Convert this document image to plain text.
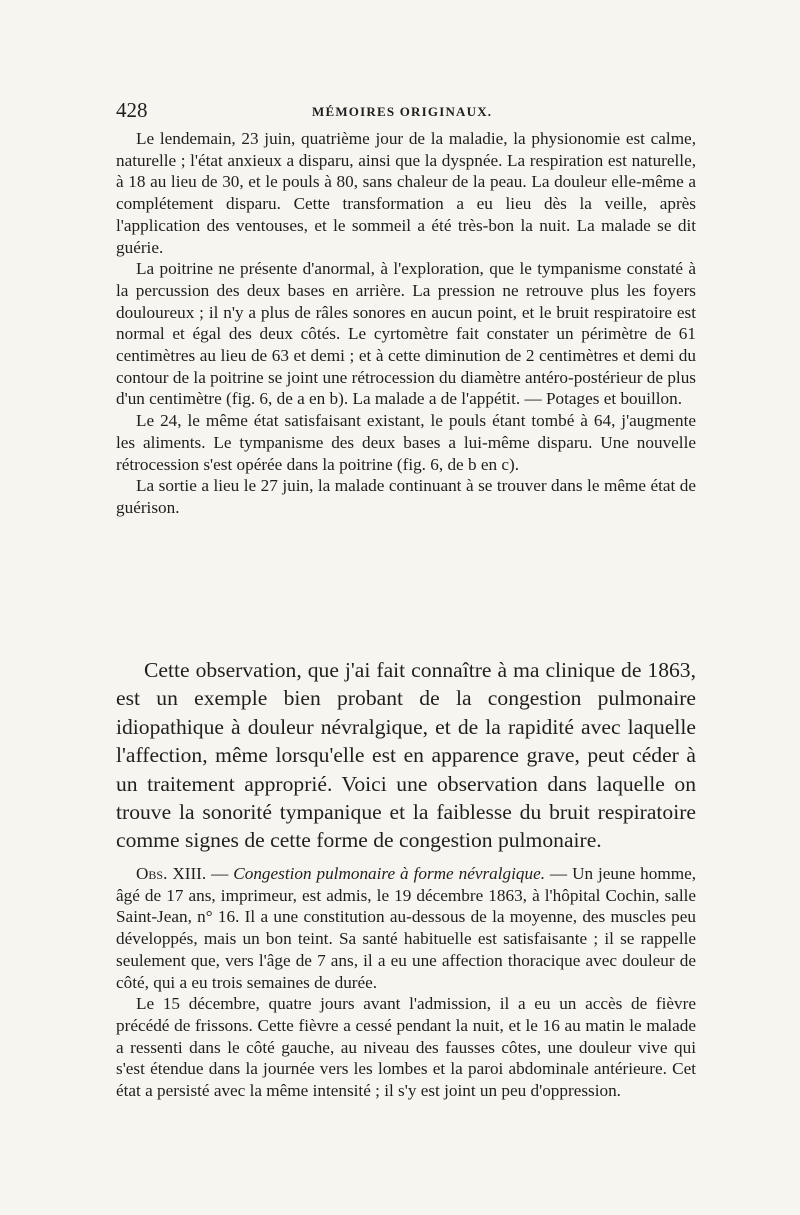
428	MÉMOIRES ORIGINAUX.

Le lendemain, 23 juin, quatrième jour de la maladie, la physionomie est calme, naturelle ; l'état anxieux a disparu, ainsi que la dyspnée. La respiration est naturelle, à 18 au lieu de 30, et le pouls à 80, sans chaleur de la peau. La douleur elle-même a complétement disparu. Cette transformation a eu lieu dès la veille, après l'application des ventouses, et le sommeil a été très-bon la nuit. La malade se dit guérie.

La poitrine ne présente d'anormal, à l'exploration, que le tympanisme constaté à la percussion des deux bases en arrière. La pression ne retrouve plus les foyers douloureux ; il n'y a plus de râles sonores en aucun point, et le bruit respiratoire est normal et égal des deux côtés. Le cyrtomètre fait constater un périmètre de 61 centimètres au lieu de 63 et demi ; et à cette diminution de 2 centimètres et demi du contour de la poitrine se joint une rétrocession du diamètre antéro-postérieur de plus d'un centimètre (fig. 6, de a en b). La malade a de l'appétit. — Potages et bouillon.

Le 24, le même état satisfaisant existant, le pouls étant tombé à 64, j'augmente les aliments. Le tympanisme des deux bases a lui-même disparu. Une nouvelle rétrocession s'est opérée dans la poitrine (fig. 6, de b en c).

La sortie a lieu le 27 juin, la malade continuant à se trouver dans le même état de guérison.

Cette observation, que j'ai fait connaître à ma clinique de 1863, est un exemple bien probant de la congestion pulmonaire idiopathique à douleur névralgique, et de la rapidité avec laquelle l'affection, même lorsqu'elle est en apparence grave, peut céder à un traitement approprié. Voici une observation dans laquelle on trouve la sonorité tympanique et la faiblesse du bruit respiratoire comme signes de cette forme de congestion pulmonaire.

Obs. XIII. — Congestion pulmonaire à forme névralgique. — Un jeune homme, âgé de 17 ans, imprimeur, est admis, le 19 décembre 1863, à l'hôpital Cochin, salle Saint-Jean, n° 16. Il a une constitution au-dessous de la moyenne, des muscles peu développés, mais un bon teint. Sa santé habituelle est satisfaisante ; il se rappelle seulement que, vers l'âge de 7 ans, il a eu une affection thoracique avec douleur de côté, qui a eu trois semaines de durée.

Le 15 décembre, quatre jours avant l'admission, il a eu un accès de fièvre précédé de frissons. Cette fièvre a cessé pendant la nuit, et le 16 au matin le malade a ressenti dans le côté gauche, au niveau des fausses côtes, une douleur vive qui s'est étendue dans la journée vers les lombes et la paroi abdominale antérieure. Cet état a persisté avec la même intensité ; il s'y est joint un peu d'oppression.
